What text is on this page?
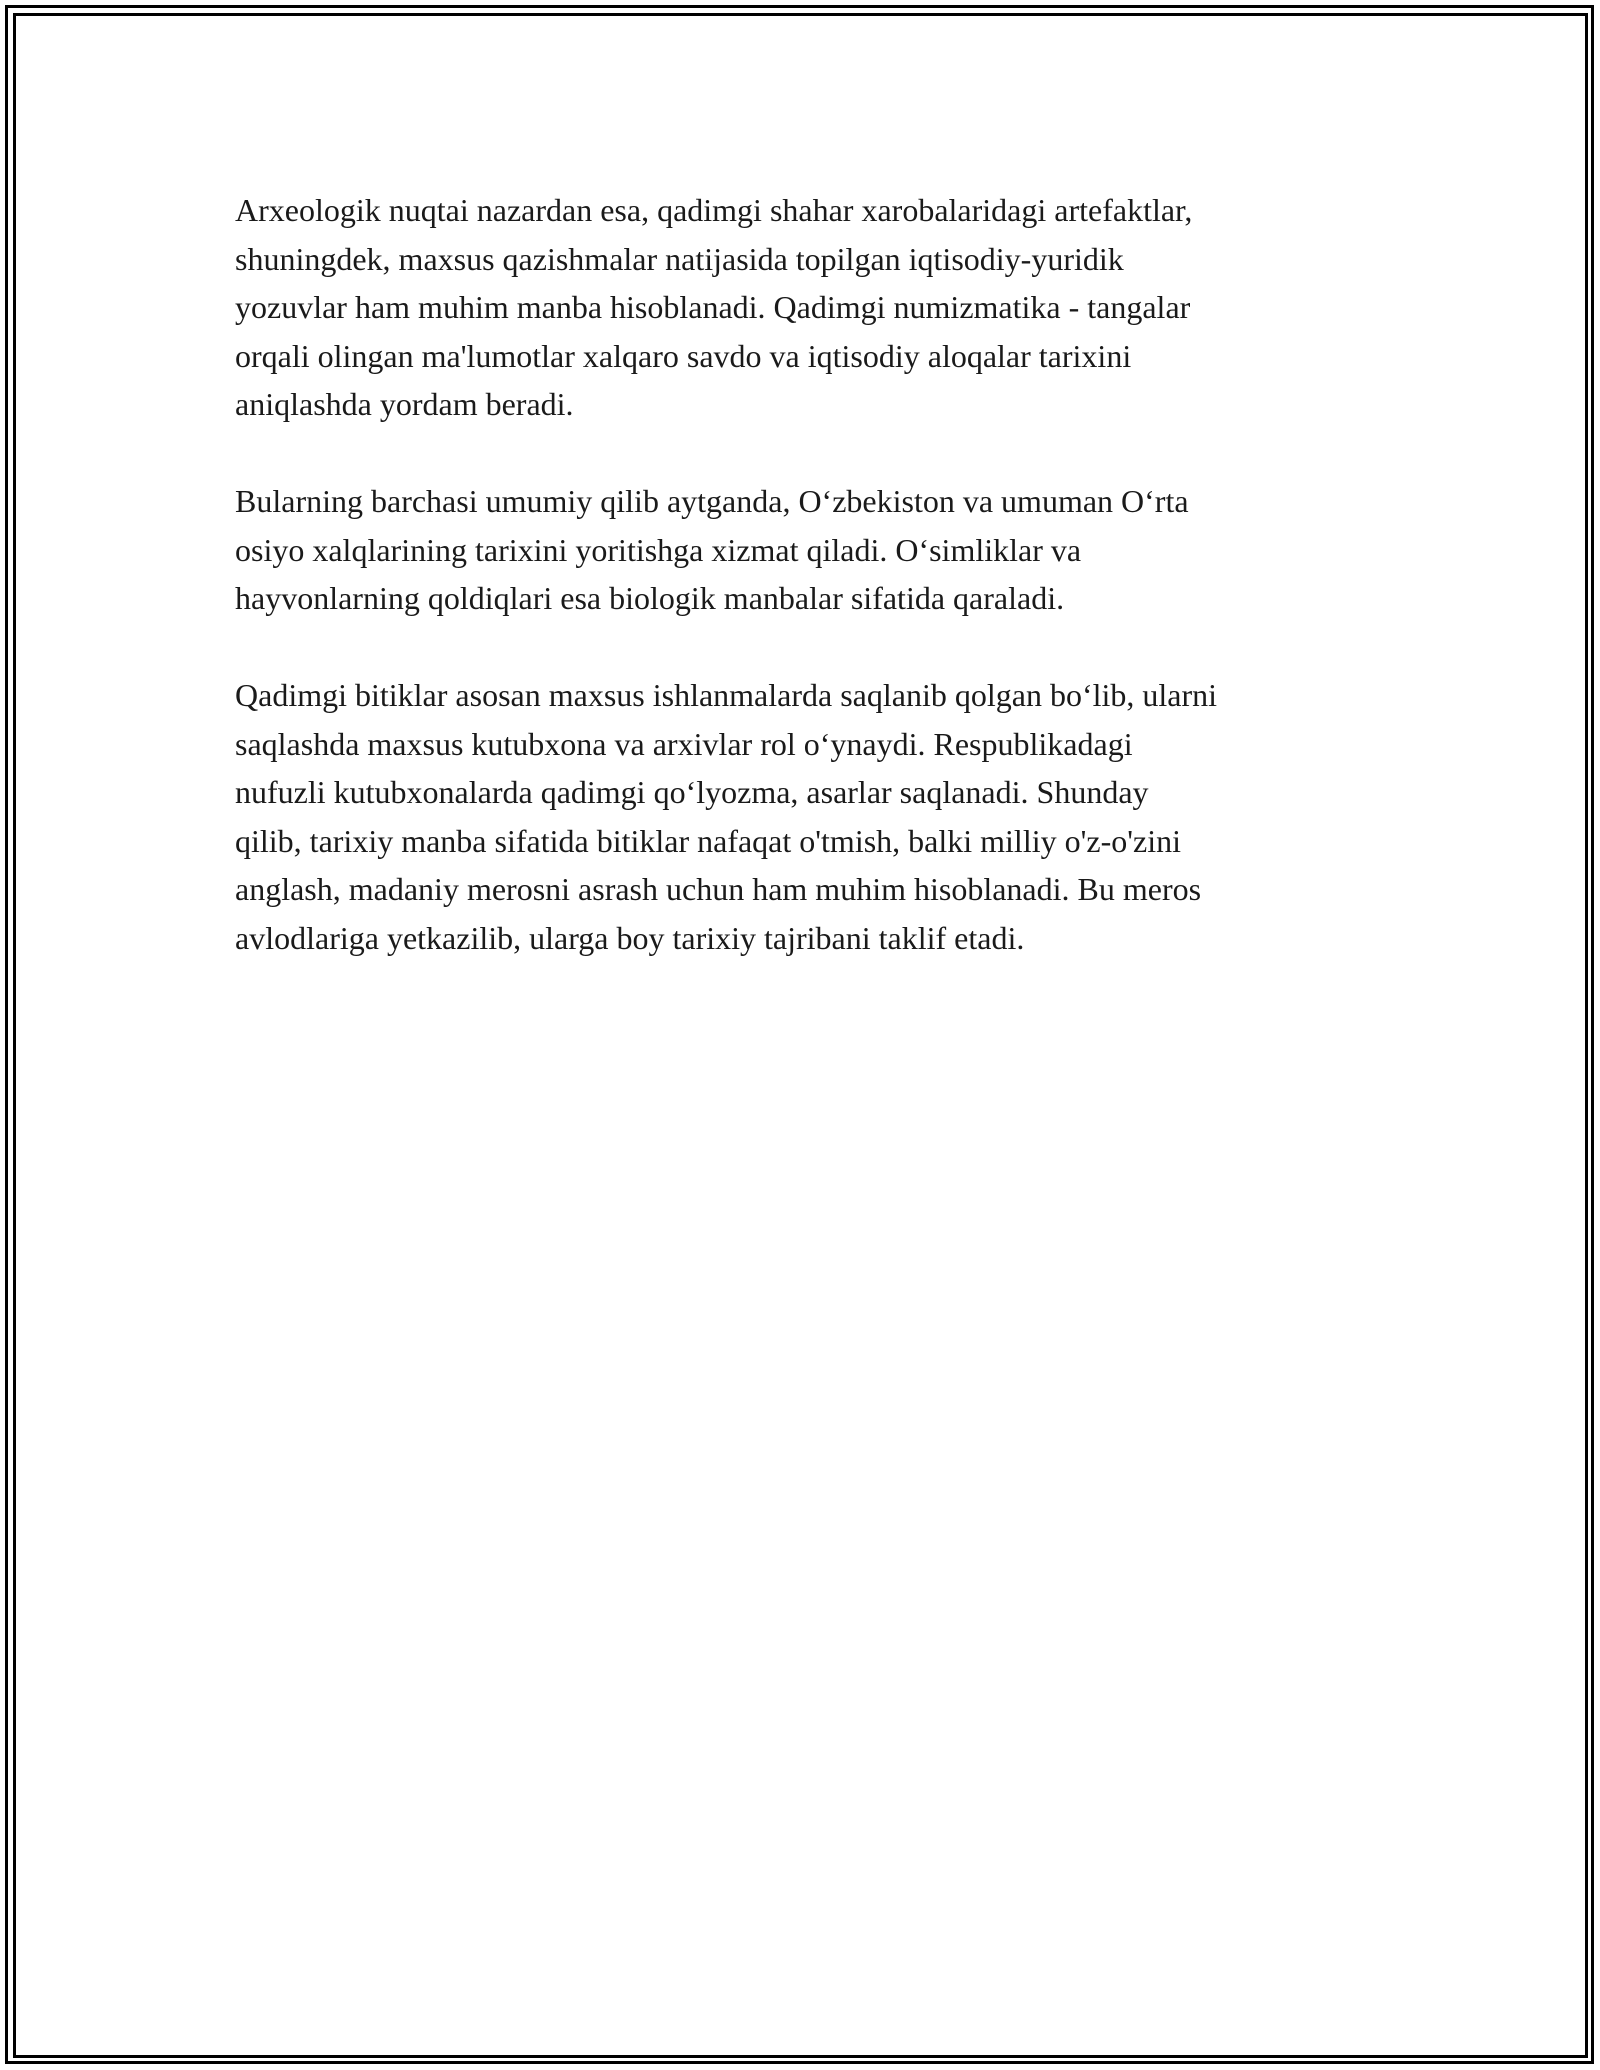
Arxeologik nuqtai nazardan esa, qadimgi shahar xarobalaridagi artefaktlar,
shuningdek, maxsus qazishmalar natijasida topilgan iqtisodiy-yuridik
yozuvlar ham muhim manba hisoblanadi. Qadimgi numizmatika - tangalar
orqali olingan ma'lumotlar xalqaro savdo va iqtisodiy aloqalar tarixini
aniqlashda yordam beradi.

Bularning barchasi umumiy qilib aytganda, O‘zbekiston va umuman O‘rta
osiyo xalqlarining tarixini yoritishga xizmat qiladi. O‘simliklar va
hayvonlarning qoldiqlari esa biologik manbalar sifatida qaraladi.

Qadimgi bitiklar asosan maxsus ishlanmalarda saqlanib qolgan bo‘lib, ularni
saqlashda maxsus kutubxona va arxivlar rol o‘ynaydi. Respublikadagi
nufuzli kutubxonalarda qadimgi qo‘lyozma, asarlar saqlanadi. Shunday
qilib, tarixiy manba sifatida bitiklar nafaqat o'tmish, balki milliy o'z-o'zini
anglash, madaniy merosni asrash uchun ham muhim hisoblanadi. Bu meros
avlodlariga yetkazilib, ularga boy tarixiy tajribani taklif etadi.
